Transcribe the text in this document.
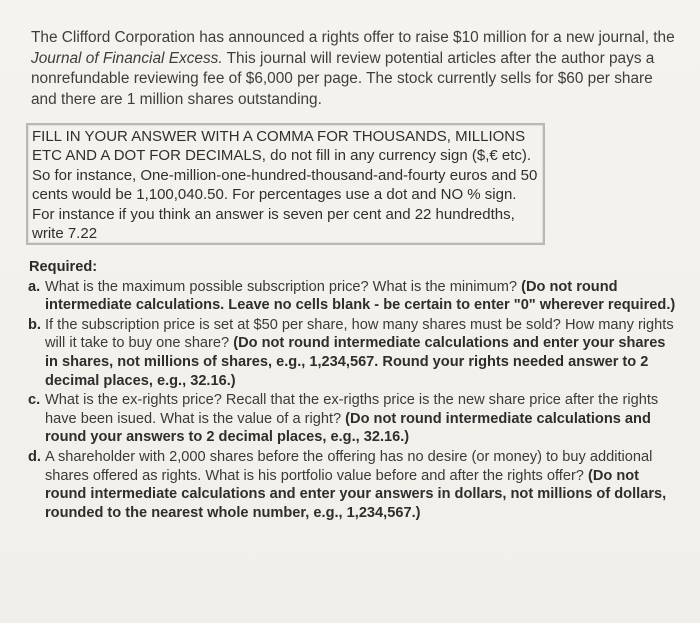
The Clifford Corporation has announced a rights offer to raise $10 million for a new journal, the Journal of Financial Excess. This journal will review potential articles after the author pays a nonrefundable reviewing fee of $6,000 per page. The stock currently sells for $60 per share and there are 1 million shares outstanding.

FILL IN YOUR ANSWER WITH A COMMA FOR THOUSANDS, MILLIONS ETC AND A DOT FOR DECIMALS, do not fill in any currency sign ($,€ etc). So for instance, One-million-one-hundred-thousand-and-fourty euros and 50 cents would be 1,100,040.50. For percentages use a dot and NO % sign. For instance if you think an answer is seven per cent and 22 hundredths, write 7.22
Required:
a. What is the maximum possible subscription price? What is the minimum? (Do not round intermediate calculations. Leave no cells blank - be certain to enter "0" wherever required.)
b. If the subscription price is set at $50 per share, how many shares must be sold? How many rights will it take to buy one share? (Do not round intermediate calculations and enter your shares in shares, not millions of shares, e.g., 1,234,567. Round your rights needed answer to 2 decimal places, e.g., 32.16.)
c. What is the ex-rights price? Recall that the ex-rigths price is the new share price after the rights have been isued. What is the value of a right? (Do not round intermediate calculations and round your answers to 2 decimal places, e.g., 32.16.)
d. A shareholder with 2,000 shares before the offering has no desire (or money) to buy additional shares offered as rights. What is his portfolio value before and after the rights offer? (Do not round intermediate calculations and enter your answers in dollars, not millions of dollars, rounded to the nearest whole number, e.g., 1,234,567.)
